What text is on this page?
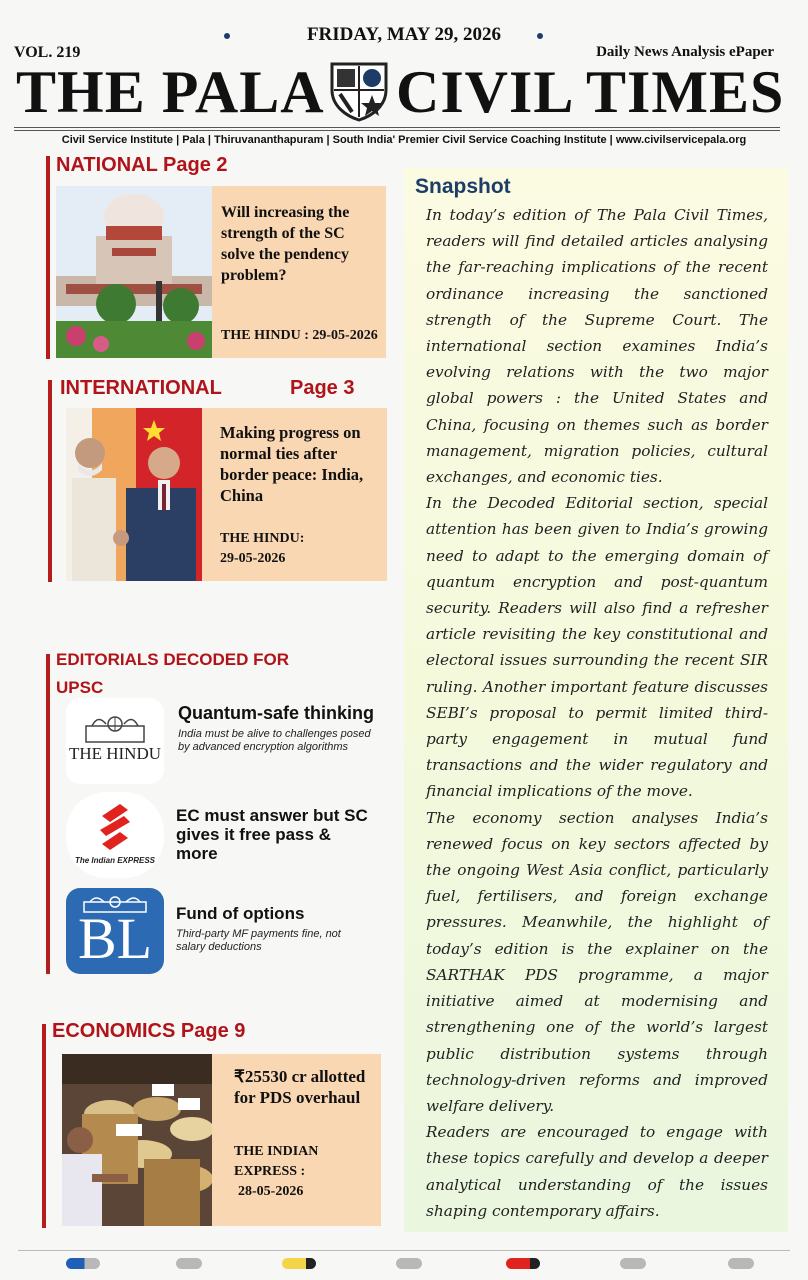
FRIDAY, MAY 29, 2026
VOL. 219	Daily News Analysis ePaper
THE PALA CIVIL TIMES
Civil Service Institute | Pala | Thiruvananthapuram | South India' Premier Civil Service Coaching Institute | www.civilservicepala.org
NATIONAL Page 2
Will increasing the strength of the SC solve the pendency problem?
THE HINDU : 29-05-2026
INTERNATIONAL	Page 3
Making progress on normal ties after border peace: India, China
THE HINDU:
29-05-2026
EDITORIALS DECODED FOR
UPSC
THE HINDU
Quantum-safe thinking
India must be alive to challenges posed by advanced encryption algorithms
The Indian EXPRESS
EC must answer but SC gives it free pass & more
BL	Fund of options
Third-party MF payments fine, not salary deductions
ECONOMICS Page 9
₹25530 cr allotted for PDS overhaul
THE INDIAN EXPRESS :
28-05-2026
Snapshot

In today’s edition of The Pala Civil Times, readers will find detailed articles analysing the far-reaching implications of the recent ordinance increasing the sanctioned strength of the Supreme Court. The international section examines India’s evolving relations with the two major global powers : the United States and China, focusing on themes such as border management, migration policies, cultural exchanges, and economic ties.

In the Decoded Editorial section, special attention has been given to India’s growing need to adapt to the emerging domain of quantum encryption and post-quantum security. Readers will also find a refresher article revisiting the key constitutional and electoral issues surrounding the recent SIR ruling. Another important feature discusses SEBI’s proposal to permit limited third-party engagement in mutual fund transactions and the wider regulatory and financial implications of the move.

The economy section analyses India’s renewed focus on key sectors affected by the ongoing West Asia conflict, particularly fuel, fertilisers, and foreign exchange pressures. Meanwhile, the highlight of today’s edition is the explainer on the SARTHAK PDS programme, a major initiative aimed at modernising and strengthening one of the world’s largest public distribution systems through technology-driven reforms and improved welfare delivery.

Readers are encouraged to engage with these topics carefully and develop a deeper analytical understanding of the issues shaping contemporary affairs.
